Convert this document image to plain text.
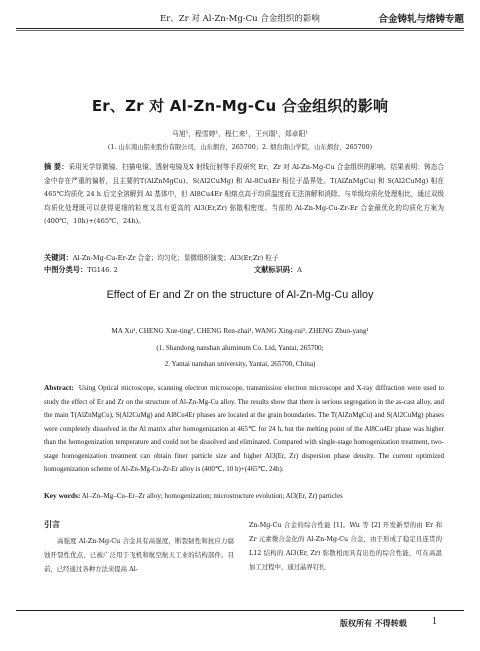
Er、Zr 对 Al-Zn-Mg-Cu 合金组织的影响	合金铸轧与熔铸专题
Er、Zr 对 Al-Zn-Mg-Cu 合金组织的影响
马旭¹，程雪婷¹，程仁来¹，王兴瑞¹，郑卓阳¹
(1. 山东南山铝业股份有限公司，山东烟台，265700；2. 烟台南山学院，山东烟台，265700)
摘 要：采用光学显微镜、扫描电镜、透射电镜及X 射线衍射等手段研究 Er、Zr 对 Al-Zn-Mg-Cu 合金组织的影响。结果表明：铸态合金中存在严重的偏析，且主要的T(AlZnMgCu)、S(Al2CuMg) 和 Al-8Cu4Er 相位于晶界处。T(AlZnMgCu) 和 S(Al2CuMg) 相在 465℃均质化 24 h 后完全溶解到 Al 基体中，但 Al8Cu4Er 相熔点高于均质温度而无法溶解和消除。与单级均质化处理相比，通过双级均质化处理既可以获得更细的粒度又具有更高的 Al3(Er,Zr) 弥散相密度。当前的 Al-Zn-Mg-Cu-Zr-Er 合金最优化的均质化方案为(400℃，10h)+(465℃，24h)。
关键词：Al-Zn-Mg-Cu-Er-Zr 合金；均匀化；显微组织演变；Al3(Er,Zr) 粒子
中图分类号：TG146. 2	文献标识码：A
Effect of Er and Zr on the structure of Al-Zn-Mg-Cu alloy
MA Xu¹, CHENG Xue-ting², CHENG Ren-zhai¹, WANG Xing-rui¹, ZHENG Zhuo-yang¹
(1. Shandong nanshan aluminum Co. Ltd, Yantai, 265700;
2. Yantai nanshan university, Yantai, 265700, China)
Abstract: Using Optical microscope, scanning electron microscope, transmission electron microscope and X-ray diffraction were used to study the effect of Er and Zr on the structure of Al-Zn-Mg-Cu alloy. The results show that there is serious segregation in the as-cast alloy, and the main T(AlZnMgCu), S(Al2CuMg) and Al8Cu4Er phases are located at the grain boundaries. The T(AlZnMgCu) and S(Al2CuMg) phases were completely dissolved in the Al matrix after homogenization at 465℃ for 24 h, but the melting point of the Al8Cu4Er phase was higher than the homogenization temperature and could not be dissolved and eliminated. Compared with single-stage homogenization treatment, two-stage homogenization treatment can obtain finer particle size and higher Al3(Er, Zr) dispersion phase density. The current optimized homogenization scheme of Al-Zn-Mg-Cu-Zr-Er alloy is (400℃, 10 h)+(465℃, 24h).
Key words: Al–Zn–Mg–Cu–Er–Zr alloy; homogenization; microstructure evolution; Al3(Er, Zr) particles
引言
高强度 Al-Zn-Mg-Cu 合金具有高强度，断裂韧性和抗应力腐蚀开裂性优点，已被广泛用于飞机和航空航天工业的结构部件。目前，已经通过各种方法来提高 Al-
Zn-Mg-Cu 合金的综合性能 [1]。Wu 等 [2] 开发新型的由 Er 和 Zr 元素微合金化的 Al-Zn-Mg-Cu 合金，由于形成了稳定且连贯的 L12 结构的 Al3(Er, Zr) 弥散相而具有出色的综合性能，可在高温加工过程中，通过晶界钉扎
版权所有 不得转载	1
